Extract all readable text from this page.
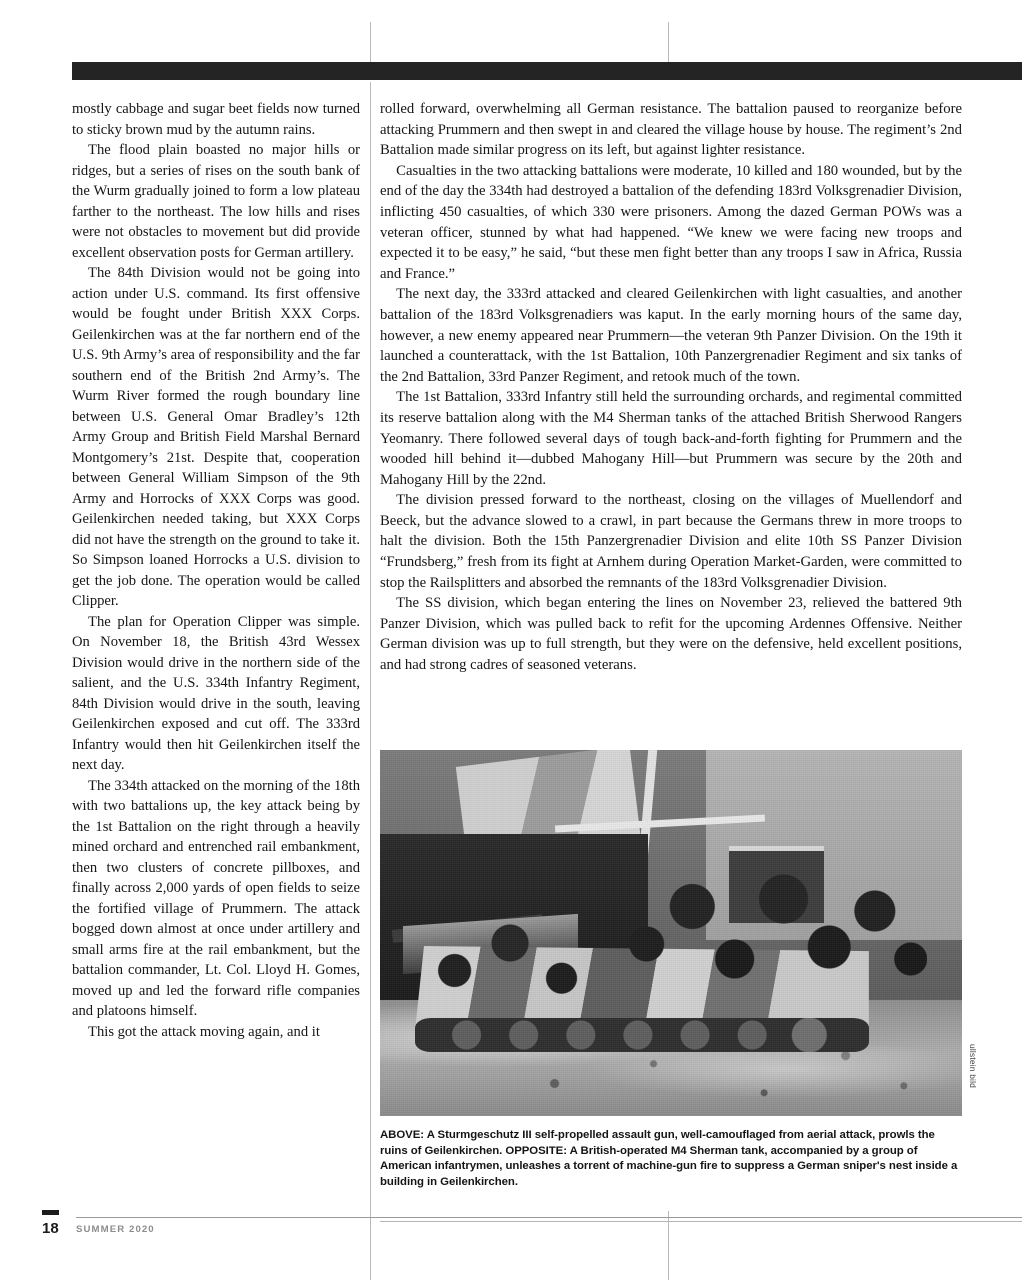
mostly cabbage and sugar beet fields now turned to sticky brown mud by the autumn rains.

The flood plain boasted no major hills or ridges, but a series of rises on the south bank of the Wurm gradually joined to form a low plateau farther to the northeast. The low hills and rises were not obstacles to movement but did provide excellent observation posts for German artillery.

The 84th Division would not be going into action under U.S. command. Its first offensive would be fought under British XXX Corps. Geilenkirchen was at the far northern end of the U.S. 9th Army’s area of responsibility and the far southern end of the British 2nd Army’s. The Wurm River formed the rough boundary line between U.S. General Omar Bradley’s 12th Army Group and British Field Marshal Bernard Montgomery’s 21st. Despite that, cooperation between General William Simpson of the 9th Army and Horrocks of XXX Corps was good. Geilenkirchen needed taking, but XXX Corps did not have the strength on the ground to take it. So Simpson loaned Horrocks a U.S. division to get the job done. The operation would be called Clipper.

The plan for Operation Clipper was simple. On November 18, the British 43rd Wessex Division would drive in the northern side of the salient, and the U.S. 334th Infantry Regiment, 84th Division would drive in the south, leaving Geilenkirchen exposed and cut off. The 333rd Infantry would then hit Geilenkirchen itself the next day.

The 334th attacked on the morning of the 18th with two battalions up, the key attack being by the 1st Battalion on the right through a heavily mined orchard and entrenched rail embankment, then two clusters of concrete pillboxes, and finally across 2,000 yards of open fields to seize the fortified village of Prummern. The attack bogged down almost at once under artillery and small arms fire at the rail embankment, but the battalion commander, Lt. Col. Lloyd H. Gomes, moved up and led the forward rifle companies and platoons himself.

This got the attack moving again, and it

rolled forward, overwhelming all German resistance. The battalion paused to reorganize before attacking Prummern and then swept in and cleared the village house by house. The regiment’s 2nd Battalion made similar progress on its left, but against lighter resistance.

Casualties in the two attacking battalions were moderate, 10 killed and 180 wounded, but by the end of the day the 334th had destroyed a battalion of the defending 183rd Volksgrenadier Division, inflicting 450 casualties, of which 330 were prisoners. Among the dazed German POWs was a veteran officer, stunned by what had happened. “We knew we were facing new troops and expected it to be easy,” he said, “but these men fight better than any troops I saw in Africa, Russia and France.”

The next day, the 333rd attacked and cleared Geilenkirchen with light casualties, and another battalion of the 183rd Volksgrenadiers was kaput. In the early morning hours of the same day, however, a new enemy appeared near Prummern—the veteran 9th Panzer Division. On the 19th it launched a counterattack, with the 1st Battalion, 10th Panzergrenadier Regiment and six tanks of the 2nd Battalion, 33rd Panzer Regiment, and retook much of the town.

The 1st Battalion, 333rd Infantry still held the surrounding orchards, and regimental committed its reserve battalion along with the M4 Sherman tanks of the attached British Sherwood Rangers Yeomanry. There followed several days of tough back-and-forth fighting for Prummern and the wooded hill behind it—dubbed Mahogany Hill—but Prummern was secure by the 20th and Mahogany Hill by the 22nd.

The division pressed forward to the northeast, closing on the villages of Muellendorf and Beeck, but the advance slowed to a crawl, in part because the Germans threw in more troops to halt the division. Both the 15th Panzergrenadier Division and elite 10th SS Panzer Division “Frundsberg,” fresh from its fight at Arnhem during Operation Market-Garden, were committed to stop the Railsplitters and absorbed the remnants of the 183rd Volksgrenadier Division.

The SS division, which began entering the lines on November 23, relieved the battered 9th Panzer Division, which was pulled back to refit for the upcoming Ardennes Offensive. Neither German division was up to full strength, but they were on the defensive, held excellent positions, and had strong cadres of seasoned veterans.

ullstein bild
ABOVE: A Sturmgeschutz III self-propelled assault gun, well-camouflaged from aerial attack, prowls the ruins of Geilenkirchen. OPPOSITE: A British-operated M4 Sherman tank, accompanied by a group of American infantrymen, unleashes a torrent of machine-gun fire to suppress a German sniper's nest inside a building in Geilenkirchen.
18 SUMMER 2020
